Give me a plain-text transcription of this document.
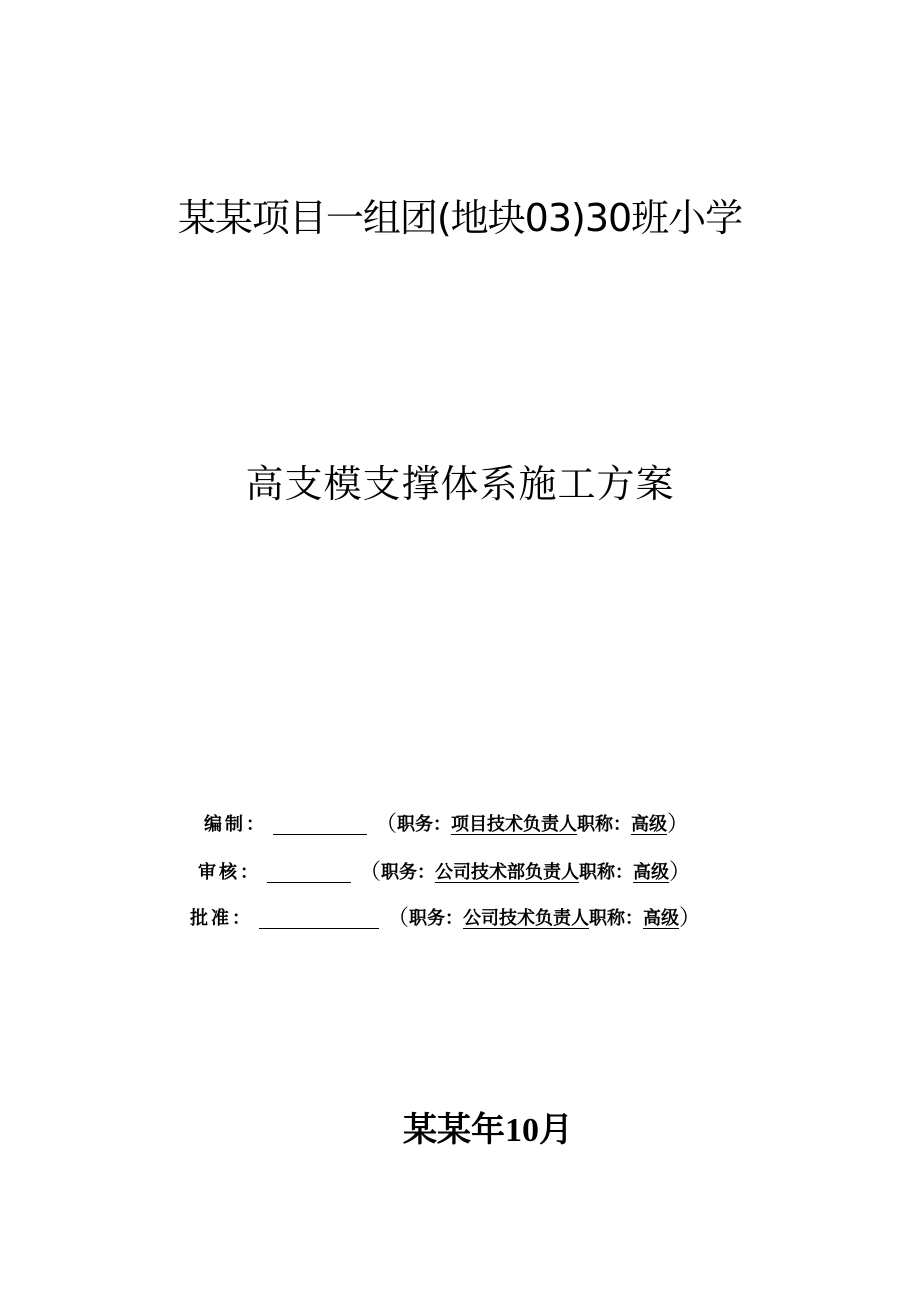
某某项目一组团(地块03)30班小学
高支模支撑体系施工方案
编制：	（ 职务： 项目技术负责人 职称： 高级 ）
审核：	（ 职务： 公司技术部负责人 职称： 高级 ）
批准：	（ 职务： 公司技术负责人 职称： 高级 ）
某某年10月
